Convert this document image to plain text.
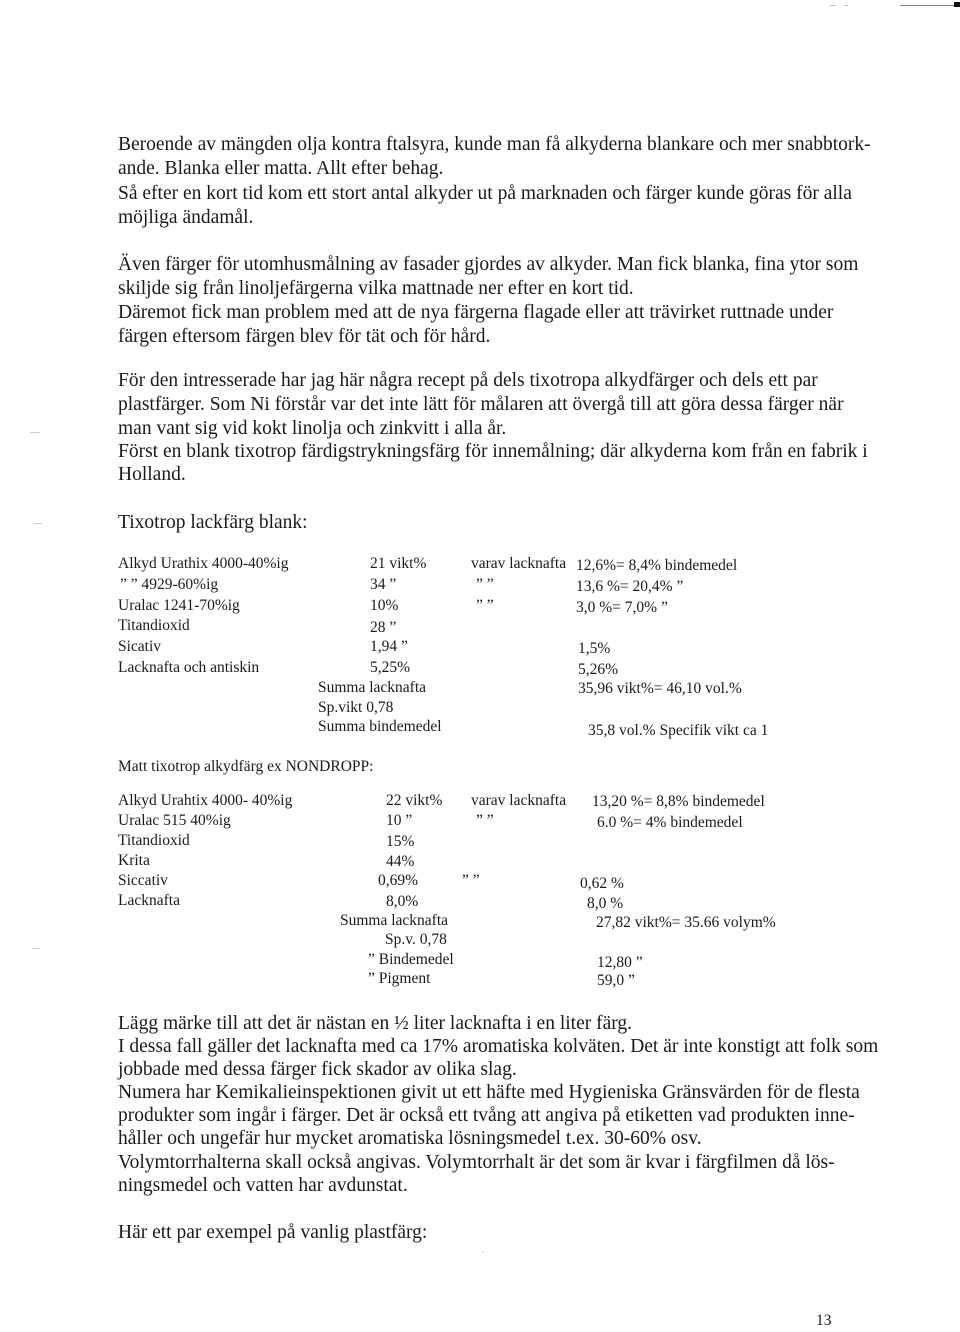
Beroende av mängden olja kontra ftalsyra, kunde man få alkyderna blankare och mer snabbtork-
ande. Blanka eller matta. Allt efter behag.
Så efter en kort tid kom ett stort antal alkyder ut på marknaden och färger kunde göras för alla
möjliga ändamål.
Även färger för utomhusmålning av fasader gjordes av alkyder. Man fick blanka, fina ytor som
skiljde sig från linoljefärgerna vilka mattnade ner efter en kort tid.
Däremot fick man problem med att de nya färgerna flagade eller att trävirket ruttnade under
färgen eftersom färgen blev för tät och för hård.
För den intresserade har jag här några recept på dels tixotropa alkydfärger och dels ett par
plastfärger. Som Ni förstår var det inte lätt för målaren att övergå till att göra dessa färger när
man vant sig vid kokt linolja och zinkvitt i alla år.
Först en blank tixotrop färdigstrykningsfärg för innemålning; där alkyderna kom från en fabrik i
Holland.
Tixotrop lackfärg blank:
Alkyd Urathix 4000-40%ig	21 vikt%	varav lacknafta 12,6%= 8,4% bindemedel
” ” 4929-60%ig	34 ”	” ”	13,6 %= 20,4% ”
Uralac 1241-70%ig	10%	” ”	3,0 %= 7,0% ”
Titandioxid	28 ”
Sicativ	1,94 ”	1,5%
Lacknafta och antiskin	5,25%	5,26%
Summa lacknafta	35,96 vikt%= 46,10 vol.%
Sp.vikt 0,78
Summa bindemedel	35,8 vol.% Specifik vikt ca 1
Matt tixotrop alkydfärg ex NONDROPP:
Alkyd Urahtix 4000- 40%ig	22 vikt% varav lacknafta 13,20 %= 8,8% bindemedel
Uralac 515 40%ig	10 ”	” ”	6.0 %= 4% bindemedel
Titandioxid	15%
Krita	44%
Siccativ	0,69%	” ”	0,62 %
Lacknafta	8,0%	8,0 %
Summa lacknafta	27,82 vikt%= 35.66 volym%
Sp.v. 0,78
” Bindemedel	12,80 ”
” Pigment	59,0 ”
Lägg märke till att det är nästan en ½ liter lacknafta i en liter färg.
I dessa fall gäller det lacknafta med ca 17% aromatiska kolväten. Det är inte konstigt att folk som
jobbade med dessa färger fick skador av olika slag.
Numera har Kemikalieinspektionen givit ut ett häfte med Hygieniska Gränsvärden för de flesta
produkter som ingår i färger. Det är också ett tvång att angiva på etiketten vad produkten inne-
håller och ungefär hur mycket aromatiska lösningsmedel t.ex. 30-60% osv.
Volymtorrhalterna skall också angivas. Volymtorrhalt är det som är kvar i färgfilmen då lös-
ningsmedel och vatten har avdunstat.
Här ett par exempel på vanlig plastfärg:
·
13
